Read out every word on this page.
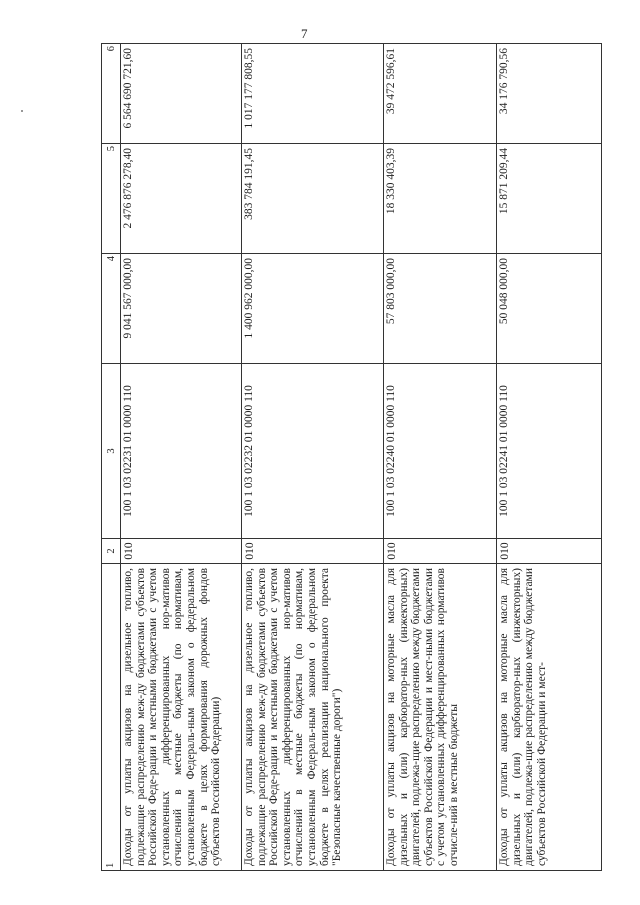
7
1	2	3	4	5	6
Доходы от уплаты акцизов на дизельное топливо, подлежащие распределению меж-ду бюджетами субъектов Российской Феде-рации и местными бюджетами с учетом установленных дифференцированных нор-мативов отчислений в местные бюджеты (по нормативам, установленным Федераль-ным законом о федеральном бюджете в целях формирования дорожных фондов субъектов Российской Федерации)	010	100 1 03 02231 01 0000 110	9 041 567 000,00	2 476 876 278,40	6 564 690 721,60
Доходы от уплаты акцизов на дизельное топливо, подлежащие распределению меж-ду бюджетами субъектов Российской Феде-рации и местными бюджетами с учетом установленных дифференцированных нор-мативов отчислений в местные бюджеты (по нормативам, установленным Федераль-ным законом о федеральном бюджете в целях реализации национального проекта "Безопасные качественные дороги")	010	100 1 03 02232 01 0000 110	1 400 962 000,00	383 784 191,45	1 017 177 808,55
Доходы от уплаты акцизов на моторные масла для дизельных и (или) карбюратор-ных (инжекторных) двигателей, подлежа-щие распределению между бюджетами субъектов Российской Федерации и мест-ными бюджетами с учетом установленных дифференцированных нормативов отчисле-ний в местные бюджеты	010	100 1 03 02240 01 0000 110	57 803 000,00	18 330 403,39	39 472 596,61
Доходы от уплаты акцизов на моторные масла для дизельных и (или) карбюратор-ных (инжекторных) двигателей, подлежа-щие распределению между бюджетами субъектов Российской Федерации и мест-	010	100 1 03 02241 01 0000 110	50 048 000,00	15 871 209,44	34 176 790,56
